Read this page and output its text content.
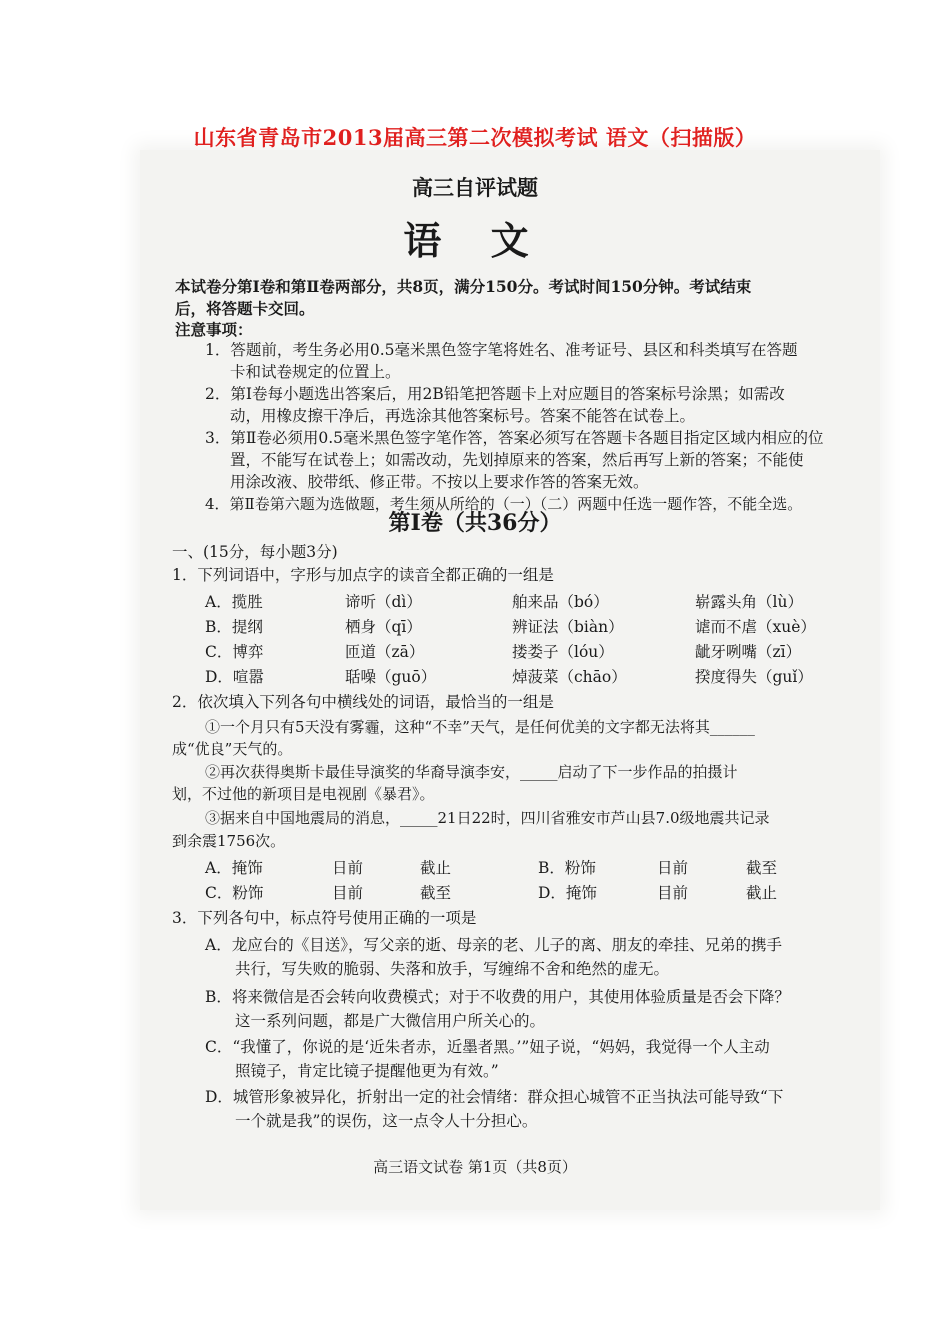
山东省青岛市2013届高三第二次模拟考试 语文（扫描版）
高三自评试题
语 文
本试卷分第Ⅰ卷和第Ⅱ卷两部分，共8页，满分150分。考试时间150分钟。考试结束
后，将答题卡交回。
注意事项：
1．答题前，考生务必用0.5毫米黑色签字笔将姓名、准考证号、县区和科类填写在答题
卡和试卷规定的位置上。
2．第Ⅰ卷每小题选出答案后，用2B铅笔把答题卡上对应题目的答案标号涂黑；如需改
动，用橡皮擦干净后，再选涂其他答案标号。答案不能答在试卷上。
3．第Ⅱ卷必须用0.5毫米黑色签字笔作答，答案必须写在答题卡各题目指定区域内相应的位
置，不能写在试卷上；如需改动，先划掉原来的答案，然后再写上新的答案；不能使
用涂改液、胶带纸、修正带。不按以上要求作答的答案无效。
4．第Ⅱ卷第六题为选做题，考生须从所给的（一）（二）两题中任选一题作答，不能全选。
第Ⅰ卷（共36分）
一、(15分，每小题3分)
1．下列词语中，字形与加点字的读音全都正确的一组是
A．揽胜	谛听（dì）	舶来品（bó）	崭露头角（lù）
B．提纲	栖身（qī）	辨证法（biàn）	谑而不虐（xuè）
C．博弈	匝道（zā）	搂娄子（lóu）	龇牙咧嘴（zī）
D．喧嚣	聒噪（guō）	焯菠菜（chāo）	揆度得失（guǐ）
2．依次填入下列各句中横线处的词语，最恰当的一组是
①一个月只有5天没有雾霾，这种“不幸”天气，是任何优美的文字都无法将其______
成“优良”天气的。
②再次获得奥斯卡最佳导演奖的华裔导演李安，_____启动了下一步作品的拍摄计
划，不过他的新项目是电视剧《暴君》。
③据来自中国地震局的消息，_____21日22时，四川省雅安市芦山县7.0级地震共记录
到余震1756次。
A．掩饰	日前	截止	B．粉饰	日前	截至
C．粉饰	目前	截至	D．掩饰	目前	截止
3．下列各句中，标点符号使用正确的一项是
A．龙应台的《目送》，写父亲的逝、母亲的老、儿子的离、朋友的牵挂、兄弟的携手
共行，写失败的脆弱、失落和放手，写缠绵不舍和绝然的虚无。
B．将来微信是否会转向收费模式；对于不收费的用户，其使用体验质量是否会下降？
这一系列问题，都是广大微信用户所关心的。
C．“我懂了，你说的是‘近朱者赤，近墨者黑。’”妞子说，“妈妈，我觉得一个人主动
照镜子，肯定比镜子提醒他更为有效。”
D．城管形象被异化，折射出一定的社会情绪：群众担心城管不正当执法可能导致“下
一个就是我”的误伤，这一点令人十分担心。
高三语文试卷 第1页（共8页）
